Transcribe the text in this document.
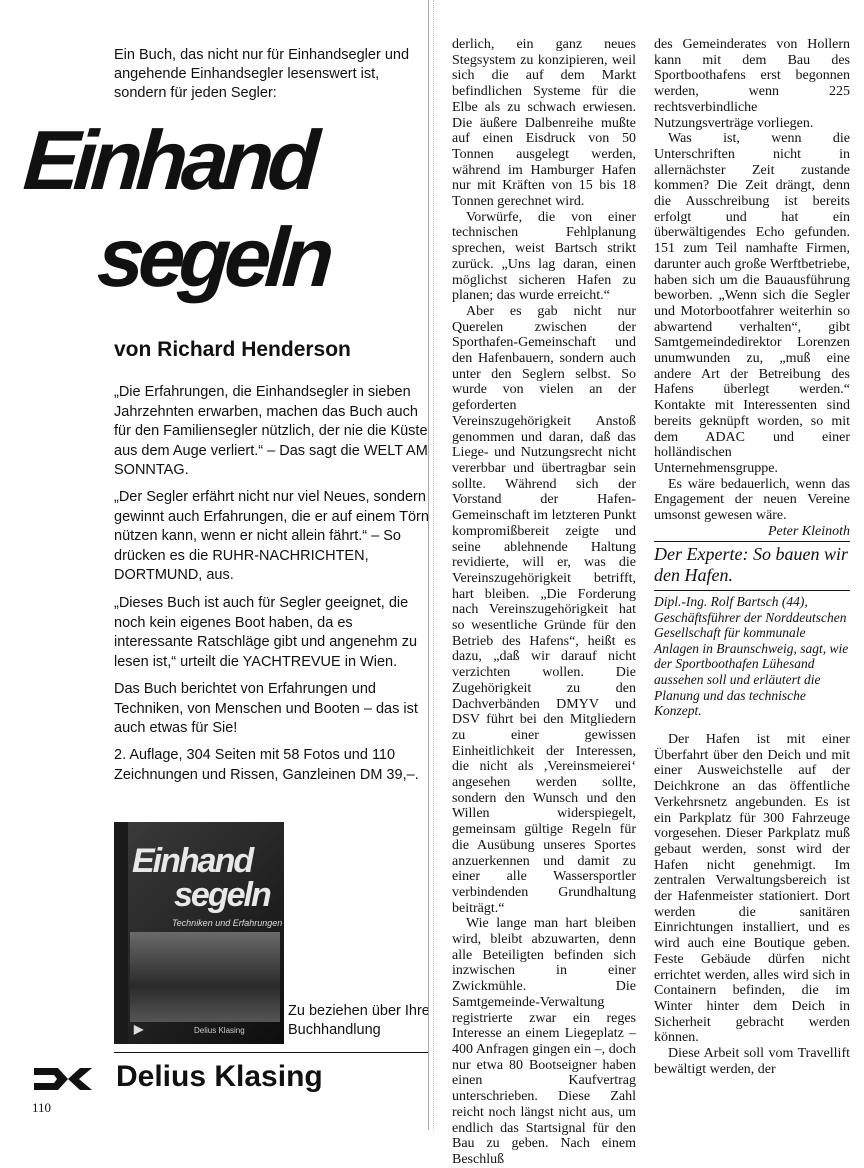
Ein Buch, das nicht nur für Einhandsegler und angehende Einhandsegler lesenswert ist, sondern für jeden Segler:
Einhand
segeln
von Richard Henderson
„Die Erfahrungen, die Einhandsegler in sieben Jahrzehnten erwarben, machen das Buch auch für den Familiensegler nützlich, der nie die Küste aus dem Auge verliert.“ – Das sagt die WELT AM SONNTAG.
„Der Segler erfährt nicht nur viel Neues, sondern gewinnt auch Erfahrungen, die er auf einem Törn nützen kann, wenn er nicht allein fährt.“ – So drücken es die RUHR-NACHRICHTEN, DORTMUND, aus.
„Dieses Buch ist auch für Segler geeignet, die noch kein eigenes Boot haben, da es interessante Ratschläge gibt und angenehm zu lesen ist,“ urteilt die YACHTREVUE in Wien.
Das Buch berichtet von Erfahrungen und Techniken, von Menschen und Booten – das ist auch etwas für Sie!
2. Auflage, 304 Seiten mit 58 Fotos und 110 Zeichnungen und Rissen, Ganzleinen DM 39,–.
Einhand
segeln
Techniken und Erfahrungen
▶	Delius Klasing
Zu beziehen über Ihre Buchhandlung
Delius Klasing
110

derlich, ein ganz neues Stegsystem zu konzipieren, weil sich die auf dem Markt befindlichen Systeme für die Elbe als zu schwach erwiesen. Die äußere Dalbenreihe mußte auf einen Eisdruck von 50 Tonnen ausgelegt werden, während im Hamburger Hafen nur mit Kräften von 15 bis 18 Tonnen gerechnet wird.

Vorwürfe, die von einer technischen Fehlplanung sprechen, weist Bartsch strikt zurück. „Uns lag daran, einen möglichst sicheren Hafen zu planen; das wurde erreicht.“

Aber es gab nicht nur Querelen zwischen der Sporthafen-Gemeinschaft und den Hafenbauern, sondern auch unter den Seglern selbst. So wurde von vielen an der geforderten Vereinszugehörigkeit Anstoß genommen und daran, daß das Liege- und Nutzungsrecht nicht vererbbar und übertragbar sein sollte. Während sich der Vorstand der Hafen-Gemeinschaft im letzteren Punkt kompromißbereit zeigte und seine ablehnende Haltung revidierte, will er, was die Vereinszugehörigkeit betrifft, hart bleiben. „Die Forderung nach Vereinszugehörigkeit hat so wesentliche Gründe für den Betrieb des Hafens“, heißt es dazu, „daß wir darauf nicht verzichten wollen. Die Zugehörigkeit zu den Dachverbänden DMYV und DSV führt bei den Mitgliedern zu einer gewissen Einheitlichkeit der Interessen, die nicht als ,Vereinsmeierei‘ angesehen werden sollte, sondern den Wunsch und den Willen widerspiegelt, gemeinsam gültige Regeln für die Ausübung unseres Sportes anzuerkennen und damit zu einer alle Wassersportler verbindenden Grundhaltung beiträgt.“

Wie lange man hart bleiben wird, bleibt abzuwarten, denn alle Beteiligten befinden sich inzwischen in einer Zwickmühle. Die Samtgemeinde-Verwaltung registrierte zwar ein reges Interesse an einem Liegeplatz – 400 Anfragen gingen ein –, doch nur etwa 80 Bootseigner haben einen Kaufvertrag unterschrieben. Diese Zahl reicht noch längst nicht aus, um endlich das Startsignal für den Bau zu geben. Nach einem Beschluß

des Gemeinderates von Hollern kann mit dem Bau des Sportboothafens erst begonnen werden, wenn 225 rechtsverbindliche Nutzungsverträge vorliegen.

Was ist, wenn die Unterschriften nicht in allernächster Zeit zustande kommen? Die Zeit drängt, denn die Ausschreibung ist bereits erfolgt und hat ein überwältigendes Echo gefunden. 151 zum Teil namhafte Firmen, darunter auch große Werftbetriebe, haben sich um die Bauausführung beworben. „Wenn sich die Segler und Motorbootfahrer weiterhin so abwartend verhalten“, gibt Samtgemeindedirektor Lorenzen unumwunden zu, „muß eine andere Art der Betreibung des Hafens überlegt werden.“ Kontakte mit Interessenten sind bereits geknüpft worden, so mit dem ADAC und einer holländischen Unternehmensgruppe.

Es wäre bedauerlich, wenn das Engagement der neuen Vereine umsonst gewesen wäre.
Peter Kleinoth

Der Experte: So bauen wir den Hafen.
Dipl.-Ing. Rolf Bartsch (44), Geschäftsführer der Norddeutschen Gesellschaft für kommunale Anlagen in Braunschweig, sagt, wie der Sportboothafen Lühesand aussehen soll und erläutert die Planung und das technische Konzept.

Der Hafen ist mit einer Überfahrt über den Deich und mit einer Ausweichstelle auf der Deichkrone an das öffentliche Verkehrsnetz angebunden. Es ist ein Parkplatz für 300 Fahrzeuge vorgesehen. Dieser Parkplatz muß gebaut werden, sonst wird der Hafen nicht genehmigt. Im zentralen Verwaltungsbereich ist der Hafenmeister stationiert. Dort werden die sanitären Einrichtungen installiert, und es wird auch eine Boutique geben. Feste Gebäude dürfen nicht errichtet werden, alles wird sich in Containern befinden, die im Winter hinter dem Deich in Sicherheit gebracht werden können.

Diese Arbeit soll vom Travellift bewältigt werden, der
